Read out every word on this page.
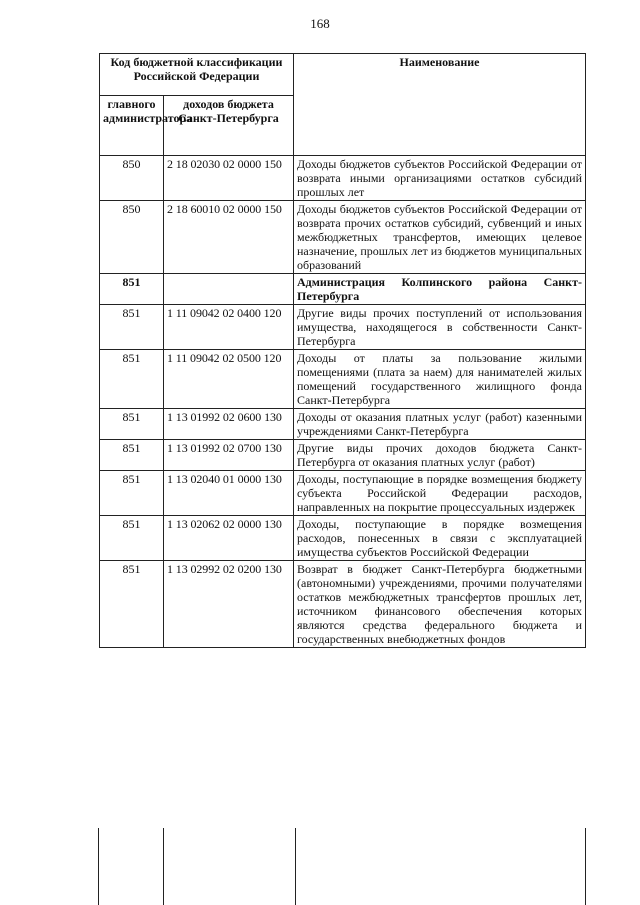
168
Код бюджетной классификации Российской Федерации		Наименование
главного администратора	доходов бюджета Санкт-Петербурга	
850	2 18 02030 02 0000 150	Доходы бюджетов субъектов Российской Федерации от возврата иными организациями остатков субсидий прошлых лет
850	2 18 60010 02 0000 150	Доходы бюджетов субъектов Российской Федерации от возврата прочих остатков субсидий, субвенций и иных межбюджетных трансфертов, имеющих целевое назначение, прошлых лет из бюджетов муниципальных образований
851		Администрация Колпинского района Санкт-Петербурга
851	1 11 09042 02 0400 120	Другие виды прочих поступлений от использования имущества, находящегося в собственности Санкт-Петербурга
851	1 11 09042 02 0500 120	Доходы от платы за пользование жилыми помещениями (плата за наем) для нанимателей жилых помещений государственного жилищного фонда Санкт-Петербурга
851	1 13 01992 02 0600 130	Доходы от оказания платных услуг (работ) казенными учреждениями Санкт-Петербурга
851	1 13 01992 02 0700 130	Другие виды прочих доходов бюджета Санкт-Петербурга от оказания платных услуг (работ)
851	1 13 02040 01 0000 130	Доходы, поступающие в порядке возмещения бюджету субъекта Российской Федерации расходов, направленных на покрытие процессуальных издержек
851	1 13 02062 02 0000 130	Доходы, поступающие в порядке возмещения расходов, понесенных в связи с эксплуатацией имущества субъектов Российской Федерации
851	1 13 02992 02 0200 130	Возврат в бюджет Санкт-Петербурга бюджетными (автономными) учреждениями, прочими получателями остатков межбюджетных трансфертов прошлых лет, источником финансового обеспечения которых являются средства федерального бюджета и государственных внебюджетных фондов
